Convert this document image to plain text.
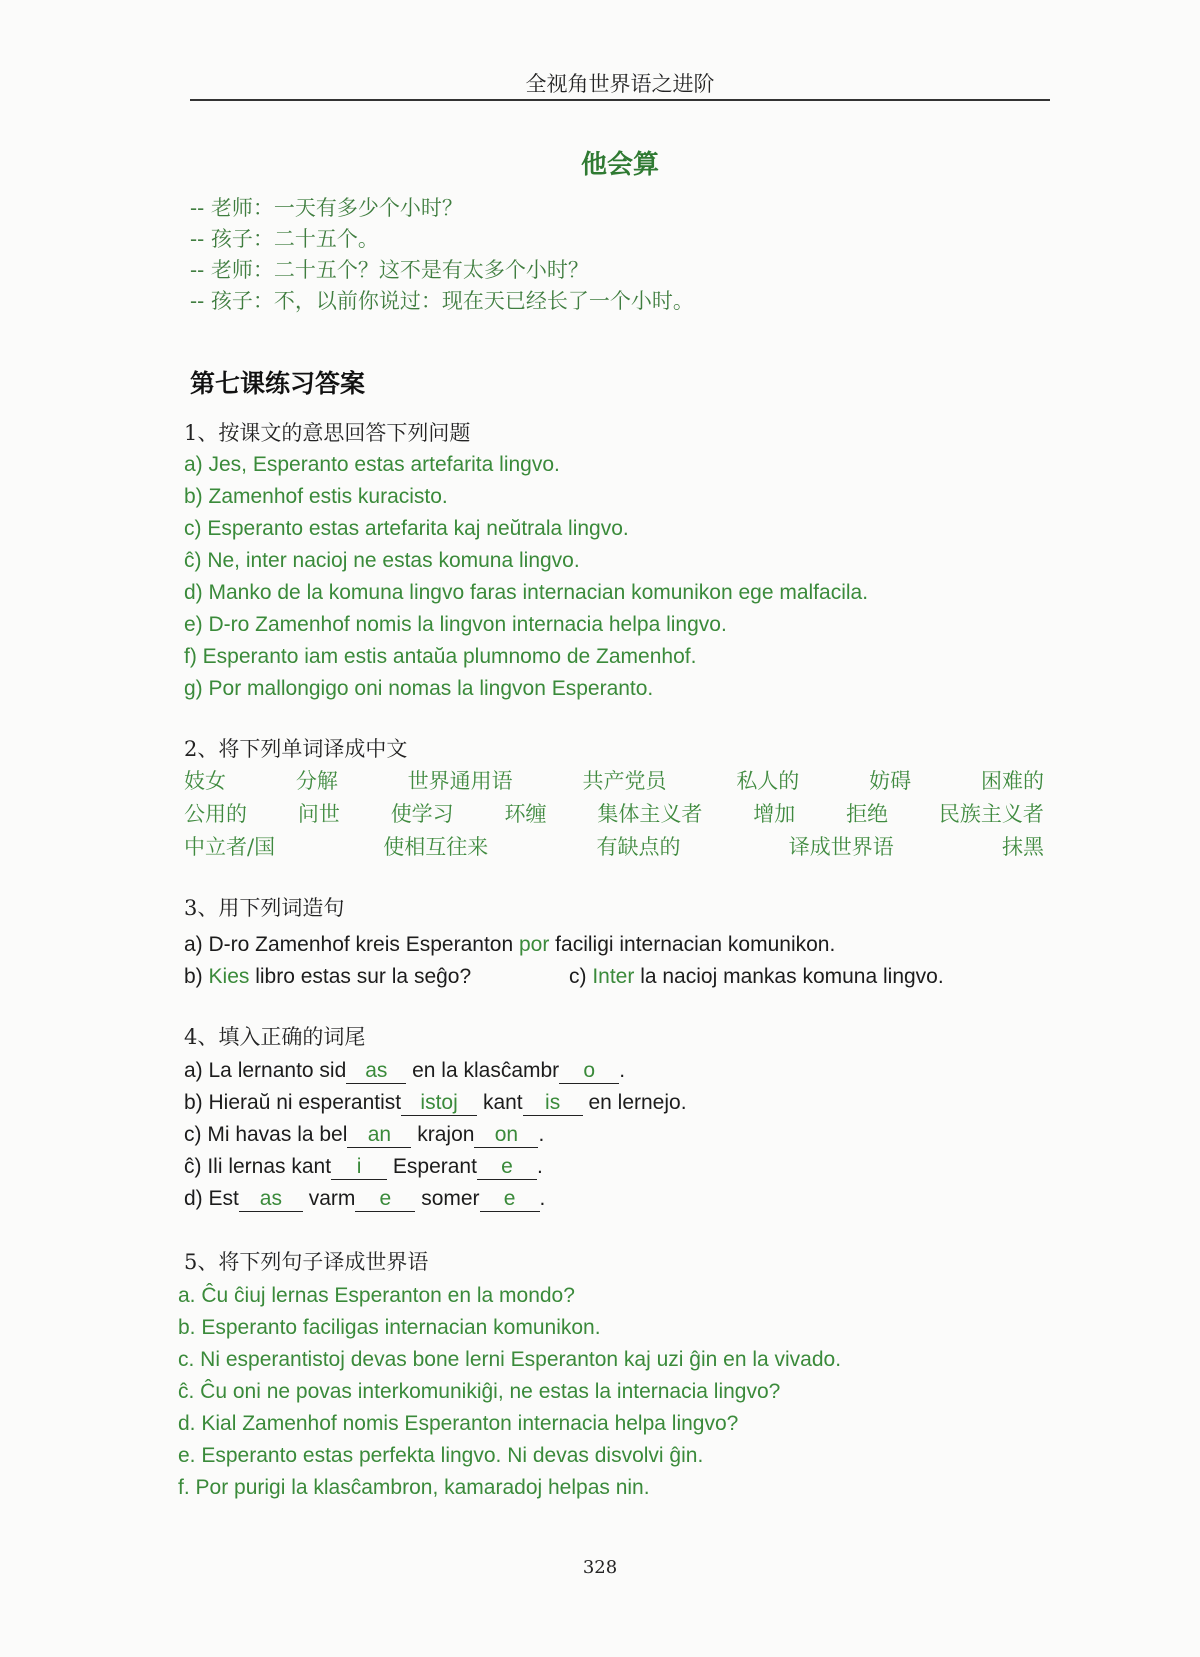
全视角世界语之进阶
他会算
-- 老师：一天有多少个小时？
-- 孩子：二十五个。
-- 老师：二十五个？这不是有太多个小时？
-- 孩子：不，以前你说过：现在天已经长了一个小时。
第七课练习答案
1、按课文的意思回答下列问题
a) Jes, Esperanto estas artefarita lingvo.
b) Zamenhof estis kuracisto.
c) Esperanto estas artefarita kaj neŭtrala lingvo.
ĉ) Ne, inter nacioj ne estas komuna lingvo.
d) Manko de la komuna lingvo faras internacian komunikon ege malfacila.
e) D-ro Zamenhof nomis la lingvon internacia helpa lingvo.
f) Esperanto iam estis antaŭa plumnomo de Zamenhof.
g) Por mallongigo oni nomas la lingvon Esperanto.
2、将下列单词译成中文
妓女	分解	世界通用语	共产党员	私人的	妨碍	困难的
公用的 问世 使学习 环缠 集体主义者 增加 拒绝 民族主义者
中立者/国	使相互往来	有缺点的	译成世界语	抹黑
3、用下列词造句
a) D-ro Zamenhof kreis Esperanton por faciligi internacian komunikon.
b) Kies libro estas sur la seĝo?	c) Inter la nacioj mankas komuna lingvo.
4、填入正确的词尾
a) La lernanto sid as en la klasĉambr o .
b) Hieraŭ ni esperantist istoj kant is en lernejo.
c) Mi havas la bel an krajon on .
ĉ) Ili lernas kant i Esperant e .
d) Est as varm e somer e .
5、将下列句子译成世界语
a. Ĉu ĉiuj lernas Esperanton en la mondo?
b. Esperanto faciligas internacian komunikon.
c. Ni esperantistoj devas bone lerni Esperanton kaj uzi ĝin en la vivado.
ĉ. Ĉu oni ne povas interkomunikiĝi, ne estas la internacia lingvo?
d. Kial Zamenhof nomis Esperanton internacia helpa lingvo?
e. Esperanto estas perfekta lingvo. Ni devas disvolvi ĝin.
f. Por purigi la klasĉambron, kamaradoj helpas nin.
328
